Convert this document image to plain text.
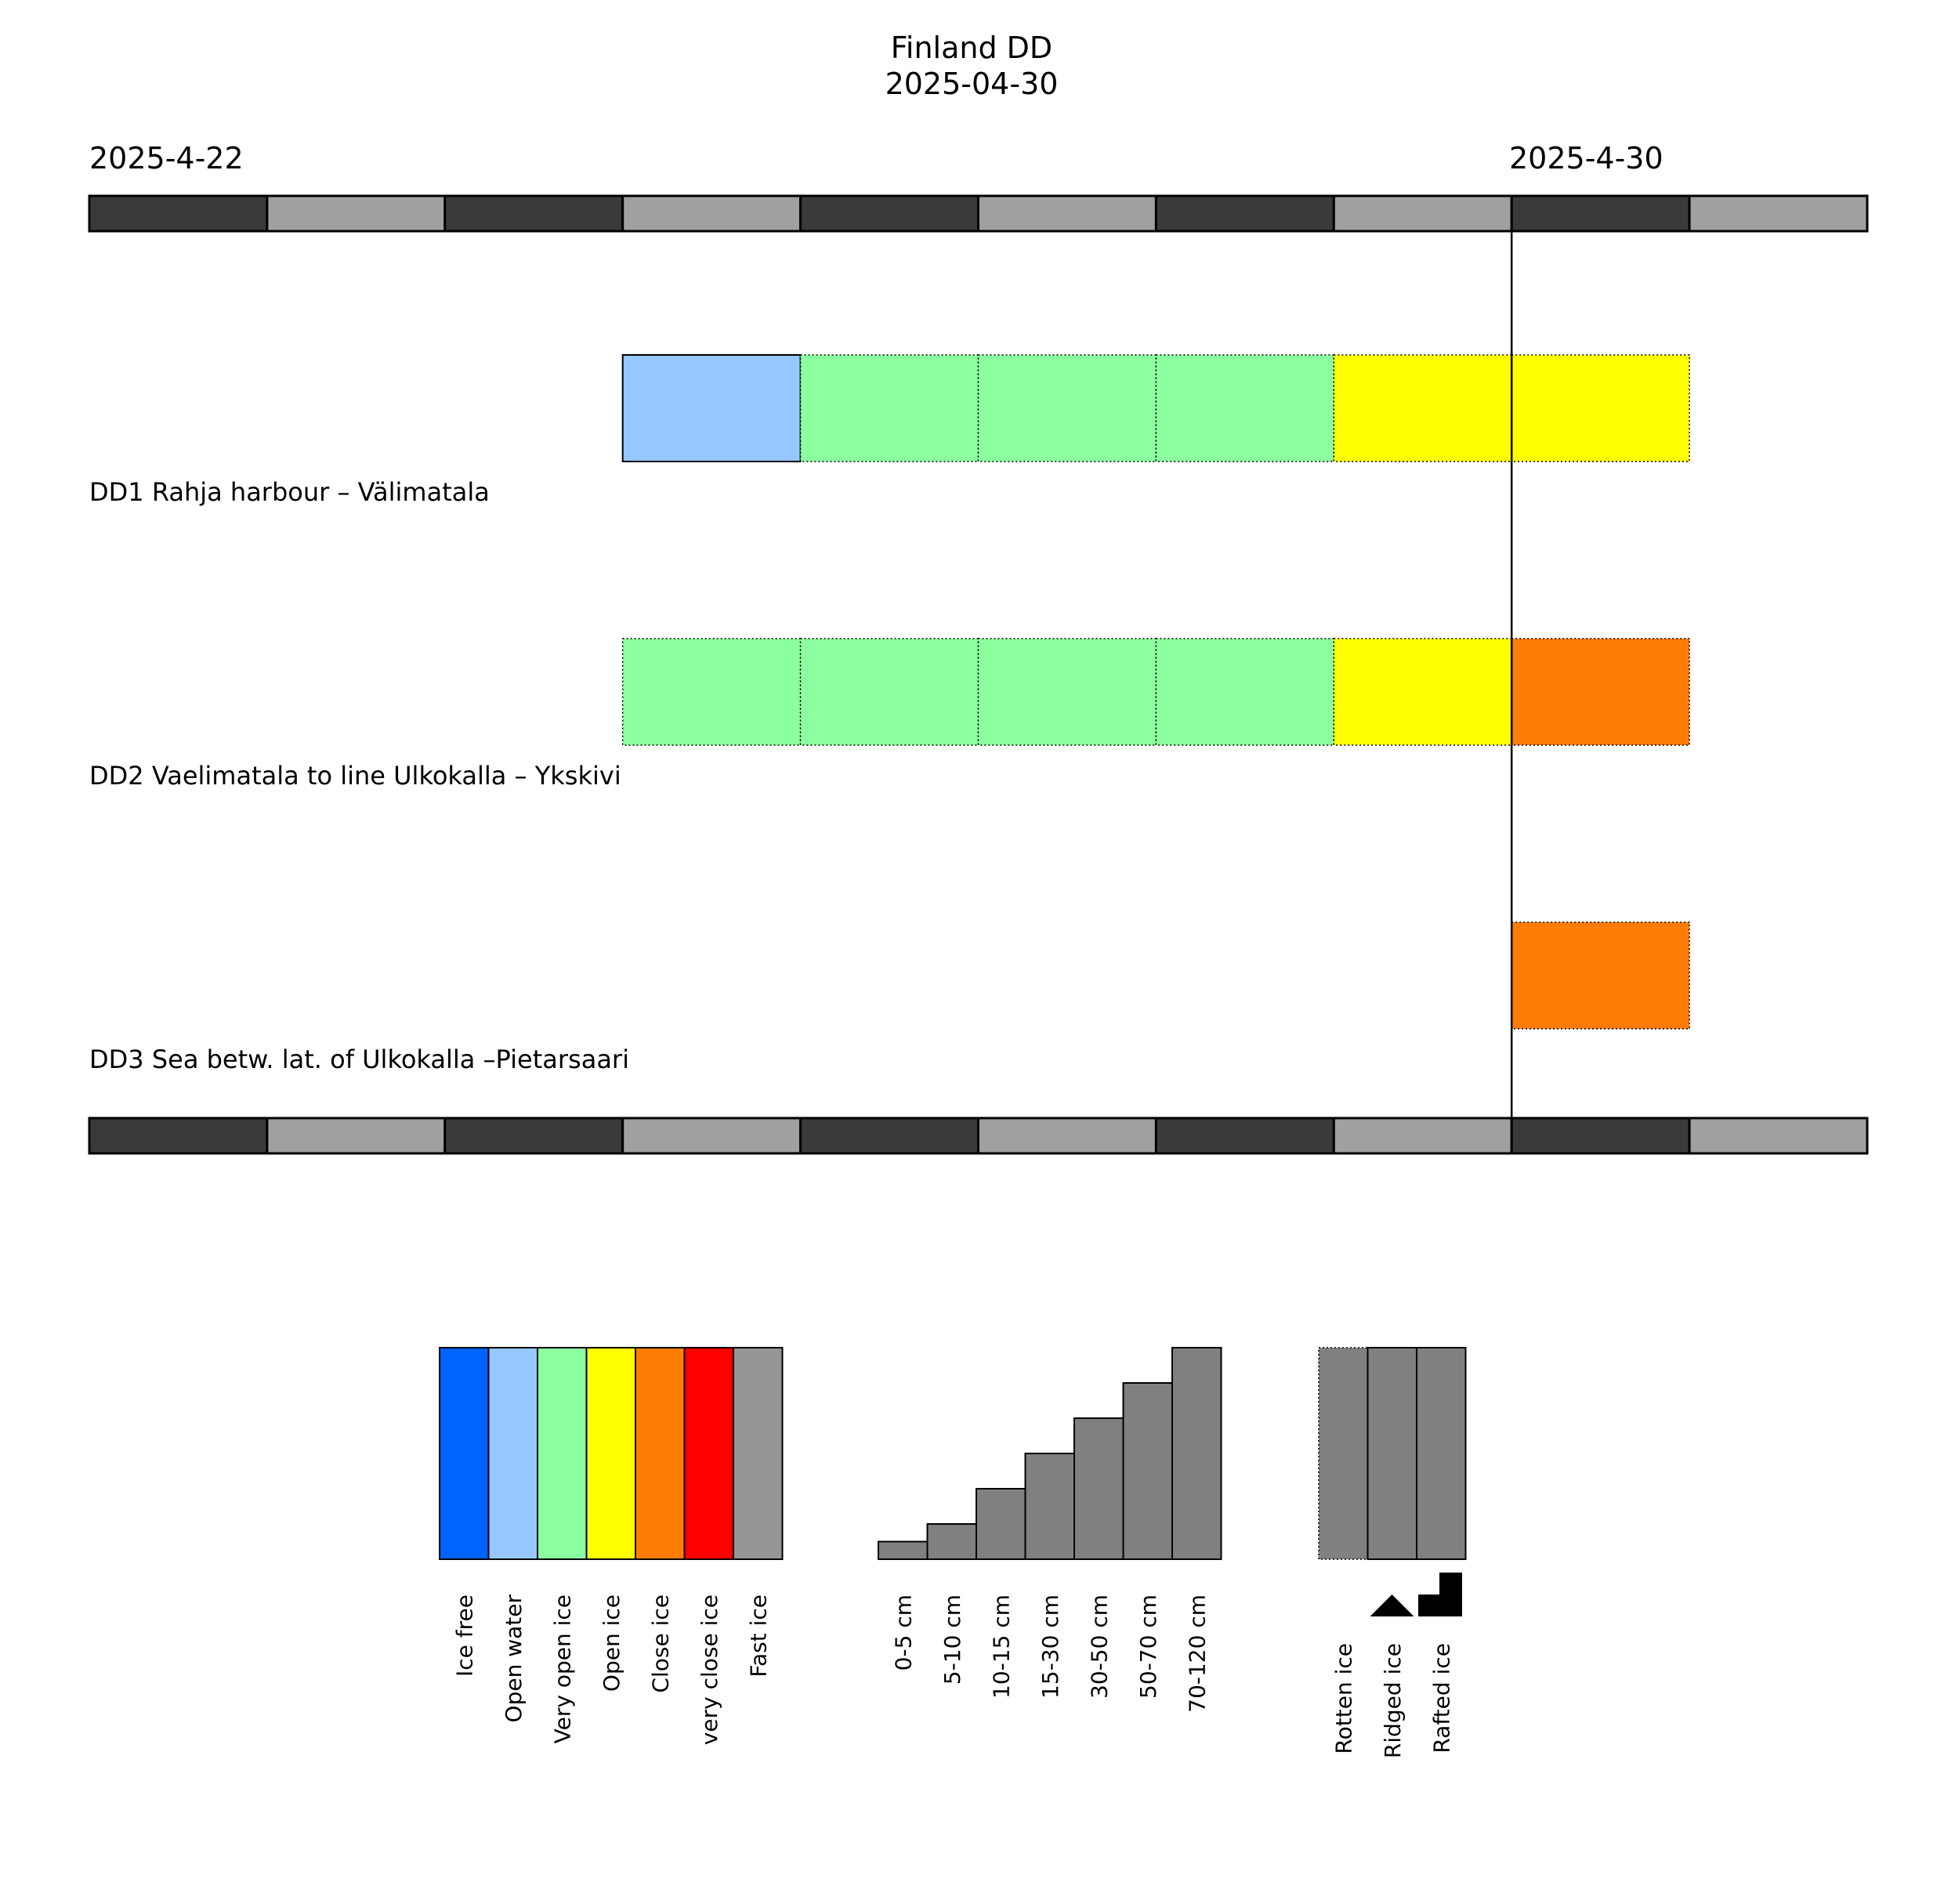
Finland DD
2025-04-30
2025-4-22	2025-4-30
DD1 Rahja harbour – Välimatala
DD2 Vaelimatala to line Ulkokalla – Ykskivi
DD3 Sea betw. lat. of Ulkokalla –Pietarsaari
Ice free Open water Very open ice Open ice Close ice very close ice Fast ice	0-5 cm 5-10 cm 10-15 cm 15-30 cm 30-50 cm 50-70 cm 70-120 cm	Rotten ice Ridged ice Rafted ice
